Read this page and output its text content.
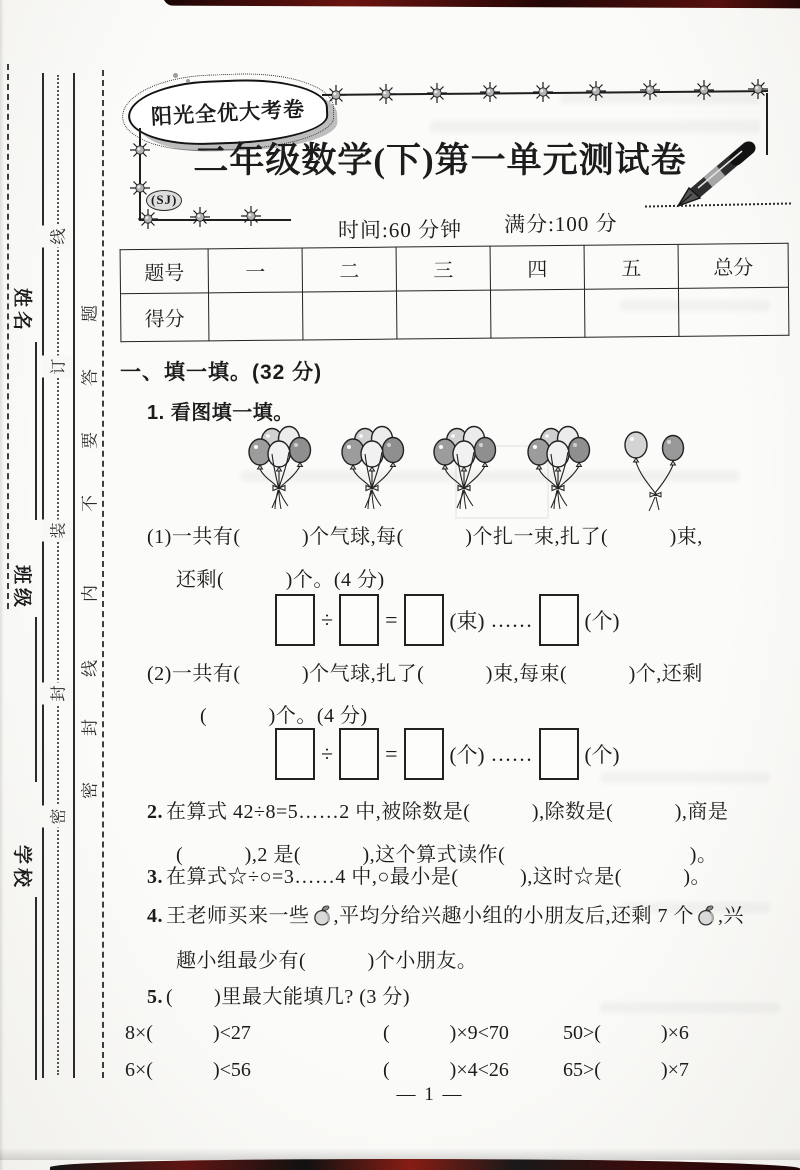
姓名
班级
学校
线
订
装
封
密
题
答
要
不
内
线
封
密
阳光全优大考卷
(SJ)
二年级数学(下)第一单元测试卷
时间:60 分钟 满分:100 分
题号	一	二	三	四	五	总分
得分						
一、填一填。(32 分)
1. 看图填一填。
(1)一共有(　　　)个气球,每(　　　)个扎一束,扎了(　　　)束,
还剩(　　　)个。(4 分)
÷ = (束) …… (个)
(2)一共有(　　　)个气球,扎了(　　　)束,每束(　　　)个,还剩
(　　　)个。(4 分)
÷ = (个) …… (个)
2. 在算式 42÷8=5……2 中,被除数是(　　　),除数是(　　　),商是
(　　　),2 是(　　　),这个算式读作(　　　　　　　　　)。
3. 在算式☆÷○=3……4 中,○最小是(　　　),这时☆是(　　　)。
4. 王老师买来一些 ,平均分给兴趣小组的小朋友后,还剩 7 个 ,兴
趣小组最少有(　　　)个小朋友。
5. (　　)里最大能填几? (3 分)
8×(　　　)<27	(　　　)×9<70	50>(　　　)×6
6×(　　　)<56	(　　　)×4<26	65>(　　　)×7
— 1 —
